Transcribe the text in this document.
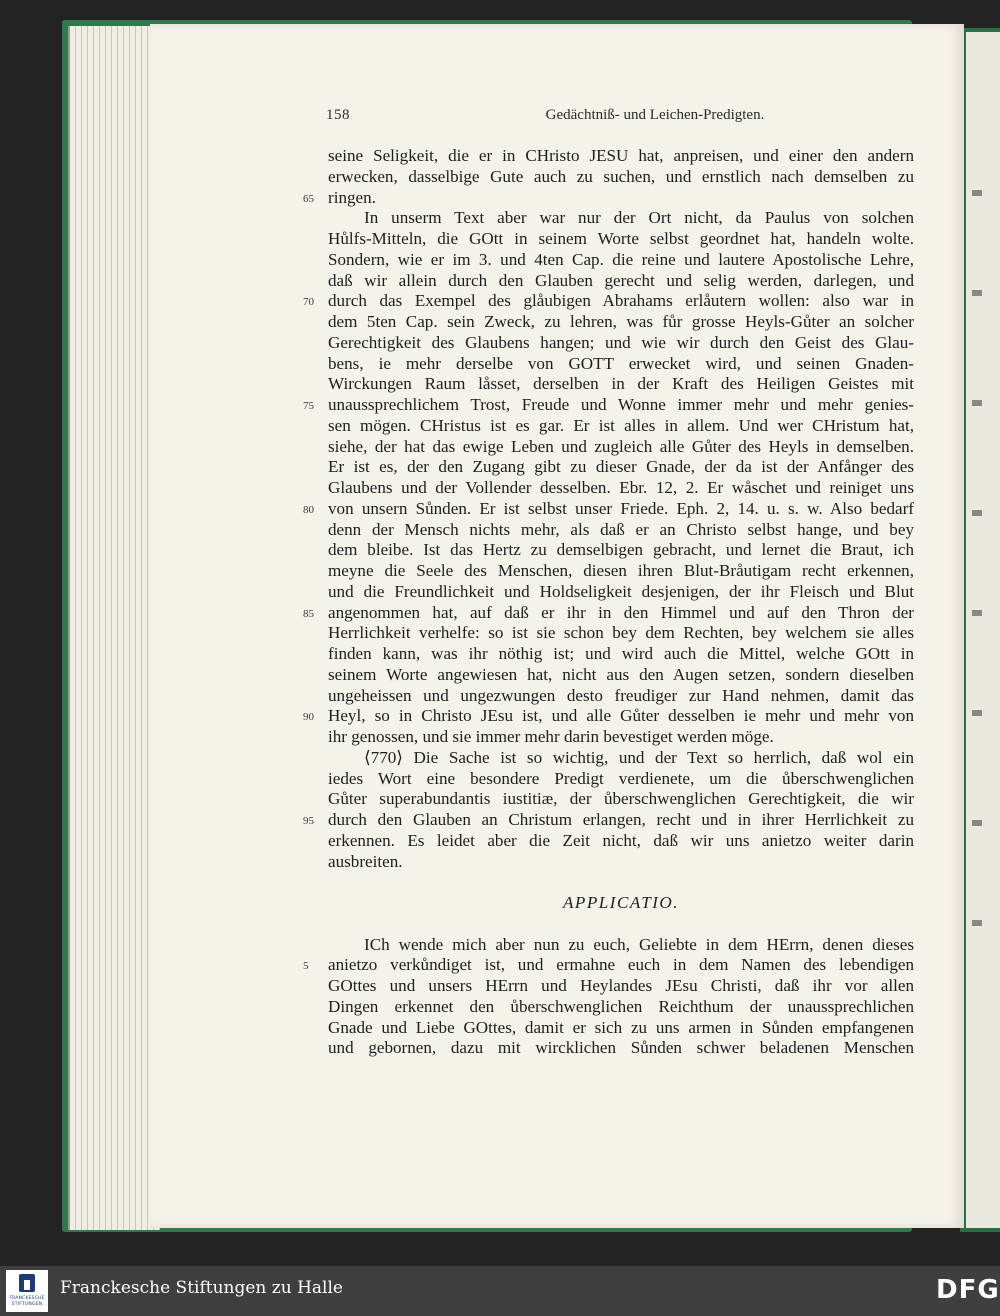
158	Gedächtniß- und Leichen-Predigten.
seine Seligkeit, die er in CHristo JESU hat, anpreisen, und einer den andern
erwecken, dasselbige Gute auch zu suchen, und ernstlich nach demselben zu
65 ringen.
In unserm Text aber war nur der Ort nicht, da Paulus von solchen
Hůlfs-Mitteln, die GOtt in seinem Worte selbst geordnet hat, handeln wolte.
Sondern, wie er im 3. und 4ten Cap. die reine und lautere Apostolische Lehre,
daß wir allein durch den Glauben gerecht und selig werden, darlegen, und
70 durch das Exempel des glåubigen Abrahams erlåutern wollen: also war in
dem 5ten Cap. sein Zweck, zu lehren, was fůr grosse Heyls-Gůter an solcher
Gerechtigkeit des Glaubens hangen; und wie wir durch den Geist des Glau-
bens, ie mehr derselbe von GOTT erwecket wird, und seinen Gnaden-
Wirckungen Raum låsset, derselben in der Kraft des Heiligen Geistes mit
75 unaussprechlichem Trost, Freude und Wonne immer mehr und mehr genies-
sen mögen. CHristus ist es gar. Er ist alles in allem. Und wer CHristum hat,
siehe, der hat das ewige Leben und zugleich alle Gůter des Heyls in demselben.
Er ist es, der den Zugang gibt zu dieser Gnade, der da ist der Anfånger des
Glaubens und der Vollender desselben. Ebr. 12, 2. Er wåschet und reiniget uns
80 von unsern Sůnden. Er ist selbst unser Friede. Eph. 2, 14. u. s. w. Also bedarf
denn der Mensch nichts mehr, als daß er an Christo selbst hange, und bey
dem bleibe. Ist das Hertz zu demselbigen gebracht, und lernet die Braut, ich
meyne die Seele des Menschen, diesen ihren Blut-Bråutigam recht erkennen,
und die Freundlichkeit und Holdseligkeit desjenigen, der ihr Fleisch und Blut
85 angenommen hat, auf daß er ihr in den Himmel und auf den Thron der
Herrlichkeit verhelfe: so ist sie schon bey dem Rechten, bey welchem sie alles
finden kann, was ihr nöthig ist; und wird auch die Mittel, welche GOtt in
seinem Worte angewiesen hat, nicht aus den Augen setzen, sondern dieselben
ungeheissen und ungezwungen desto freudiger zur Hand nehmen, damit das
90 Heyl, so in Christo JEsu ist, und alle Gůter desselben ie mehr und mehr von
ihr genossen, und sie immer mehr darin bevestiget werden möge.
⟨770⟩ Die Sache ist so wichtig, und der Text so herrlich, daß wol ein
iedes Wort eine besondere Predigt verdienete, um die ůberschwenglichen
Gůter superabundantis iustitiæ, der ůberschwenglichen Gerechtigkeit, die wir
95 durch den Glauben an Christum erlangen, recht und in ihrer Herrlichkeit zu
erkennen. Es leidet aber die Zeit nicht, daß wir uns anietzo weiter darin
ausbreiten.
APPLICATIO.
ICh wende mich aber nun zu euch, Geliebte in dem HErrn, denen dieses
5 anietzo verkůndiget ist, und ermahne euch in dem Namen des lebendigen
GOttes und unsers HErrn und Heylandes JEsu Christi, daß ihr vor allen
Dingen erkennet den ůberschwenglichen Reichthum der unaussprechlichen
Gnade und Liebe GOttes, damit er sich zu uns armen in Sůnden empfangenen
und gebornen, dazu mit wircklichen Sůnden schwer beladenen Menschen
FRANCKESCHE STIFTUNGEN
Franckesche Stiftungen zu Halle	DFG
